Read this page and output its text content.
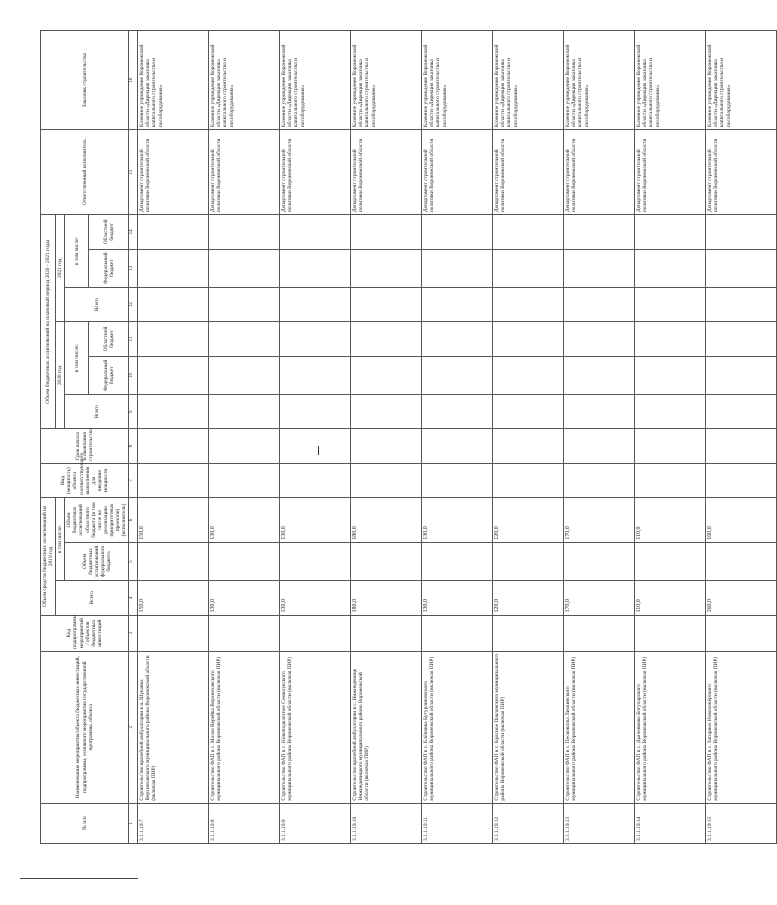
№ п/п	Наименование мероприятия/объекта бюджетных инвестиций, подпрограммы, основного мероприятия государственной программы, объекта	Код подпрограммы мероприятий / объектов бюджетных инвестиций	Объем средств бюджетных ассигнований на 2019 год			Вид (мощность) объекта соответствующего выполнения для введения мощности	Срок начала и окончания строительства	Объем бюджетных ассигнований на плановый период 2020 - 2021 годы						Ответственный исполнитель	Заказчик строительства
			Всего	в том числе:				2020 год			2021 год				
				Объем бюджетных ассигнований федерального бюджета	Объем бюджетных ассигнований областного бюджета (в том числе на реализацию приоритетных проектов) (исполнитель)			Всего	в том числе:		Всего	в том числе:			
									Федеральный бюджет	Областной бюджет		Федеральный бюджет	Областной бюджет		
1	2	3	4	5	6	7	8	9	10	11	12	13	14	15	16
3.1.1.19.7	Строительство врачебной амбулатории в п. Шукавка Верхнехавского муниципального района Воронежской области (включая ПИР)		150,0		150,0									Департамент строительной политики Воронежской области	Казенное учреждение Воронежской области «Дирекция заказчика капитального строительства и пособорудования»
3.1.1.19.8	Строительство ФАП в с. Малая Верейка Верхнехавского муниципального района Воронежской области (включая ПИР)		130,0		130,0									Департамент строительной политики Воронежской области	Казенное учреждение Воронежской области «Дирекция заказчика капитального строительства и пособорудования»
3.1.1.19.9	Строительство ФАП в с. Новоподклетное Семилукского муниципального района Воронежской области (включая ПИР)		130,0		130,0									Департамент строительной политики Воронежской области	Казенное учреждение Воронежской области «Дирекция заказчика капитального строительства и пособорудования»
3.1.1.19.10	Строительство врачебной амбулатории в с. Нижнедевицк Нижнедевицкого муниципального района Воронежской области (включая ПИР)		180,0		180,0									Департамент строительной политики Воронежской области	Казенное учреждение Воронежской области «Дирекция заказчика капитального строительства и пособорудования»
3.1.1.19.11	Строительство ФАП в с. Клёповка Бутурлиновского муниципального района Воронежской области (включая ПИР)		130,0		130,0									Департамент строительной политики Воронежской области	Казенное учреждение Воронежской области «Дирекция заказчика капитального строительства и пособорудования»
3.1.1.19.12	Строительство ФАП в с. Красное Павловского муниципального района Воронежской области (включая ПИР)		120,0		120,0									Департамент строительной политики Воронежской области	Казенное учреждение Воронежской области «Дирекция заказчика капитального строительства и пособорудования»
3.1.1.19.13	Строительство ФАП в с. Песковатка Лискинского муниципального района Воронежской области (включая ПИР)		170,0		170,0									Департамент строительной политики Воронежской области	Казенное учреждение Воронежской области «Дирекция заказчика капитального строительства и пособорудования»
3.1.1.19.14	Строительство ФАП в с. Дьяченково Богучарского муниципального района Воронежской области (включая ПИР)		110,0		110,0									Департамент строительной политики Воронежской области	Казенное учреждение Воронежской области «Дирекция заказчика капитального строительства и пособорудования»
3.1.1.19.15	Строительство ФАП в с. Загорное Новохопёрского муниципального района Воронежской области (включая ПИР)		160,0		160,0									Департамент строительной политики Воронежской области	Казенное учреждение Воронежской области «Дирекция заказчика капитального строительства и пособорудования»
